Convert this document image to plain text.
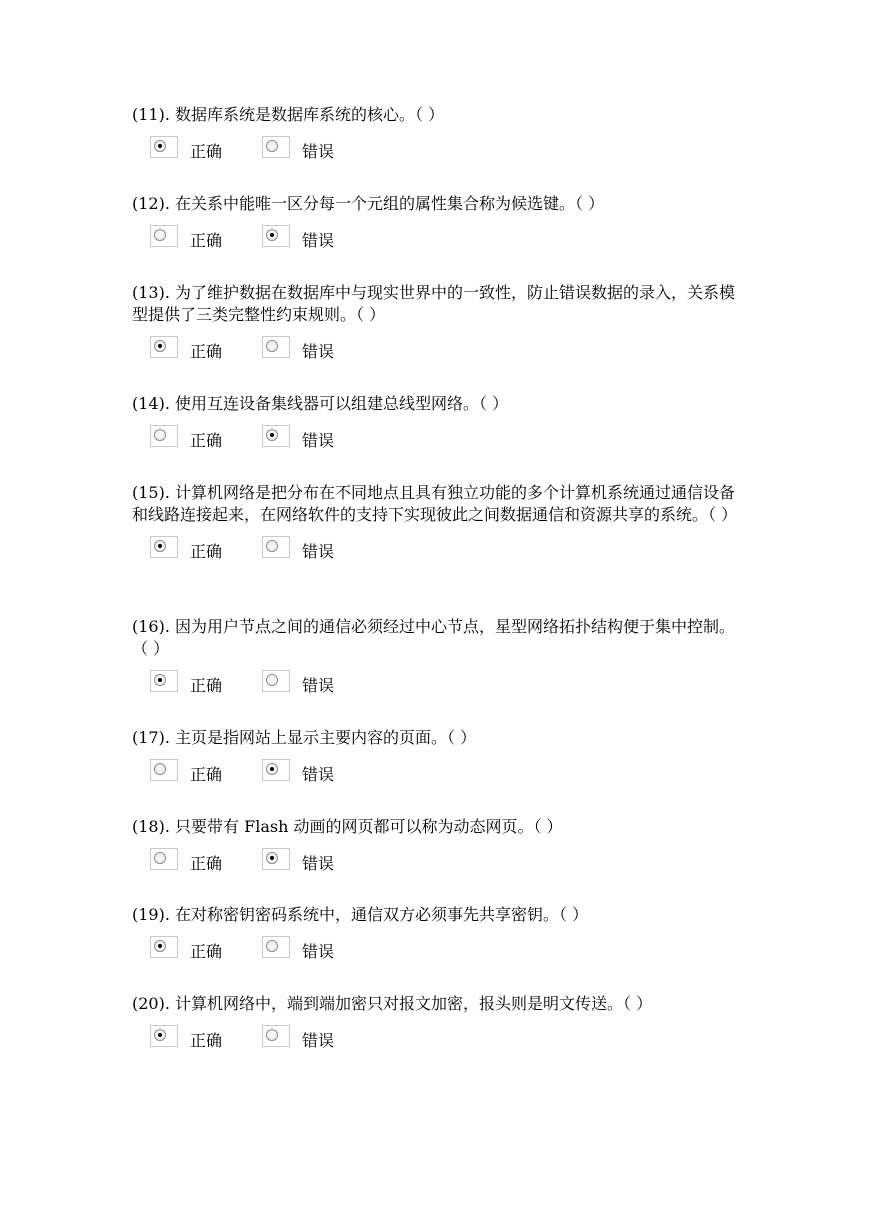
(11). 数据库系统是数据库系统的核心。（ ）

正确	错误

(12). 在关系中能唯一区分每一个元组的属性集合称为候选键。（ ）

正确	错误

(13). 为了维护数据在数据库中与现实世界中的一致性，防止错误数据的录入，关系模型提供了三类完整性约束规则。（ ）

正确	错误

(14). 使用互连设备集线器可以组建总线型网络。（ ）

正确	错误

(15). 计算机网络是把分布在不同地点且具有独立功能的多个计算机系统通过通信设备和线路连接起来，在网络软件的支持下实现彼此之间数据通信和资源共享的系统。（ ）

正确	错误

(16). 因为用户节点之间的通信必须经过中心节点，星型网络拓扑结构便于集中控制。（ ）

正确	错误

(17). 主页是指网站上显示主要内容的页面。（ ）

正确	错误

(18). 只要带有 Flash 动画的网页都可以称为动态网页。（ ）

正确	错误

(19). 在对称密钥密码系统中，通信双方必须事先共享密钥。（ ）

正确	错误

(20). 计算机网络中，端到端加密只对报文加密，报头则是明文传送。（ ）

正确	错误
